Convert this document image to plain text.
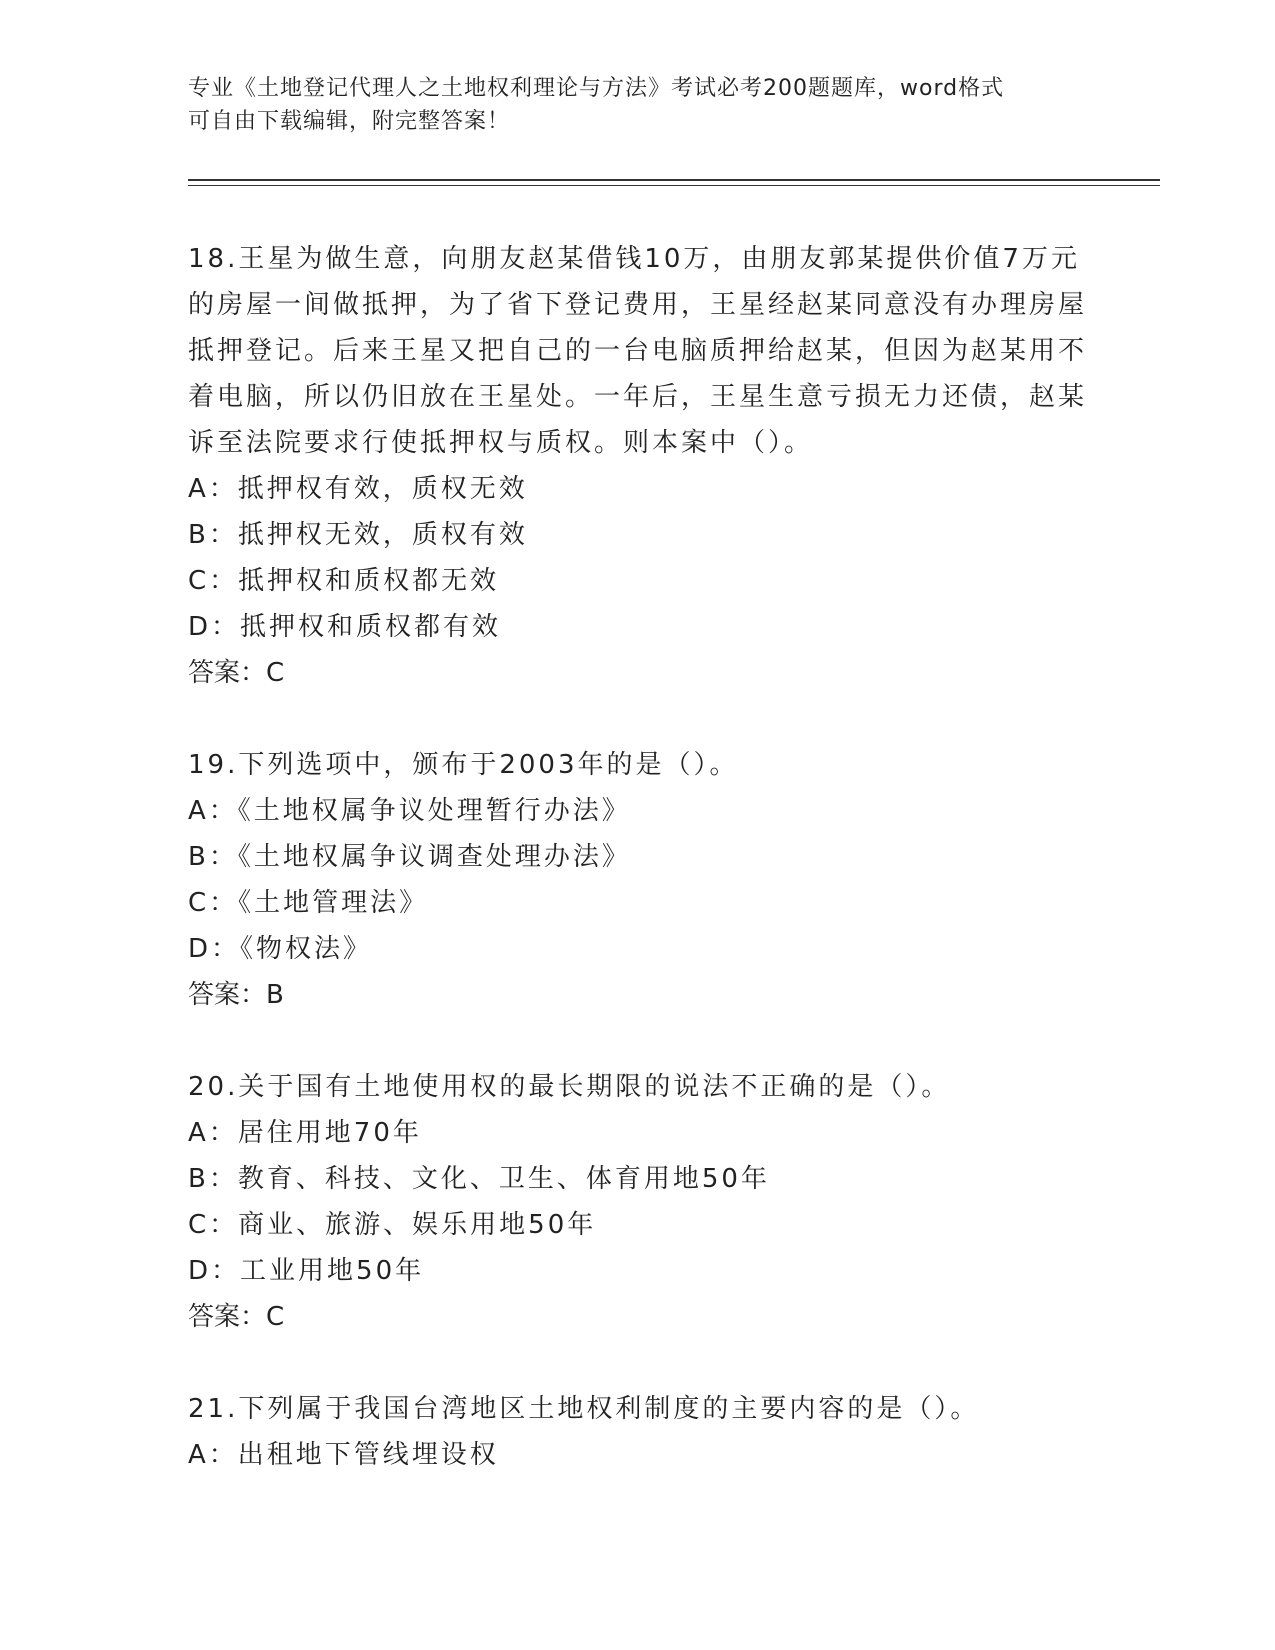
专业《土地登记代理人之土地权利理论与方法》考试必考200题题库，word格式
可自由下载编辑，附完整答案！

18.王星为做生意，向朋友赵某借钱10万，由朋友郭某提供价值7万元的房屋一间做抵押，为了省下登记费用，王星经赵某同意没有办理房屋抵押登记。后来王星又把自己的一台电脑质押给赵某，但因为赵某用不着电脑，所以仍旧放在王星处。一年后，王星生意亏损无力还债，赵某诉至法院要求行使抵押权与质权。则本案中（）。

A：抵押权有效，质权无效

B：抵押权无效，质权有效

C：抵押权和质权都无效

D：抵押权和质权都有效

答案：C

19.下列选项中，颁布于2003年的是（）。

A：《土地权属争议处理暂行办法》

B：《土地权属争议调查处理办法》

C：《土地管理法》

D：《物权法》

答案：B

20.关于国有土地使用权的最长期限的说法不正确的是（）。

A：居住用地70年

B：教育、科技、文化、卫生、体育用地50年

C：商业、旅游、娱乐用地50年

D：工业用地50年

答案：C

21.下列属于我国台湾地区土地权利制度的主要内容的是（）。

A：出租地下管线埋设权
